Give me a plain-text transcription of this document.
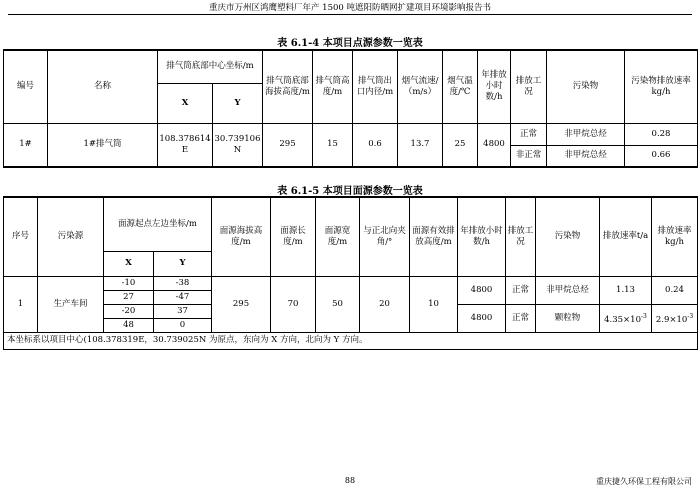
重庆市万州区鸿鹰塑料厂年产 1500 吨遮阳防晒网扩建项目环境影响报告书
表 6.1-4 本项目点源参数一览表
编号	名称	排气筒底部中心坐标/m		排气筒底部海拔高度/m	排气筒高度/m	排气筒出口内径/m	烟气流速/（m/s）	烟气温度/℃	年排放小时数/h	排放工况	污染物	污染物排放速率kg/h
		X	Y									
1#	1#排气筒	108.378614E	30.739106N	295	15	0.6	13.7	25	4800	正常	非甲烷总烃	0.28
										非正常	非甲烷总烃	0.66
表 6.1-5 本项目面源参数一览表
序号	污染源	面源起点左边坐标/m		面源海拔高度/m	面源长度/m	面源宽度/m	与正北向夹角/°	面源有效排放高度/m	年排放小时数/h	排放工况	污染物	排放速率t/a	排放速率kg/h
		X	Y										
1	生产车间	-10	-38	295	70	50	20	10	4800	正常	非甲烷总烃	1.13	0.24
		27	-47										
		-20	37						4800	正常	颗粒物	$4.35\times 10^{-3}$	$2.9\times 10^{-3}$
		48	0										
本坐标系以项目中心(108.378319E，30.739025N 为原点，东向为 X 方向，北向为 Y 方向。													
88	重庆捷久环保工程有限公司
